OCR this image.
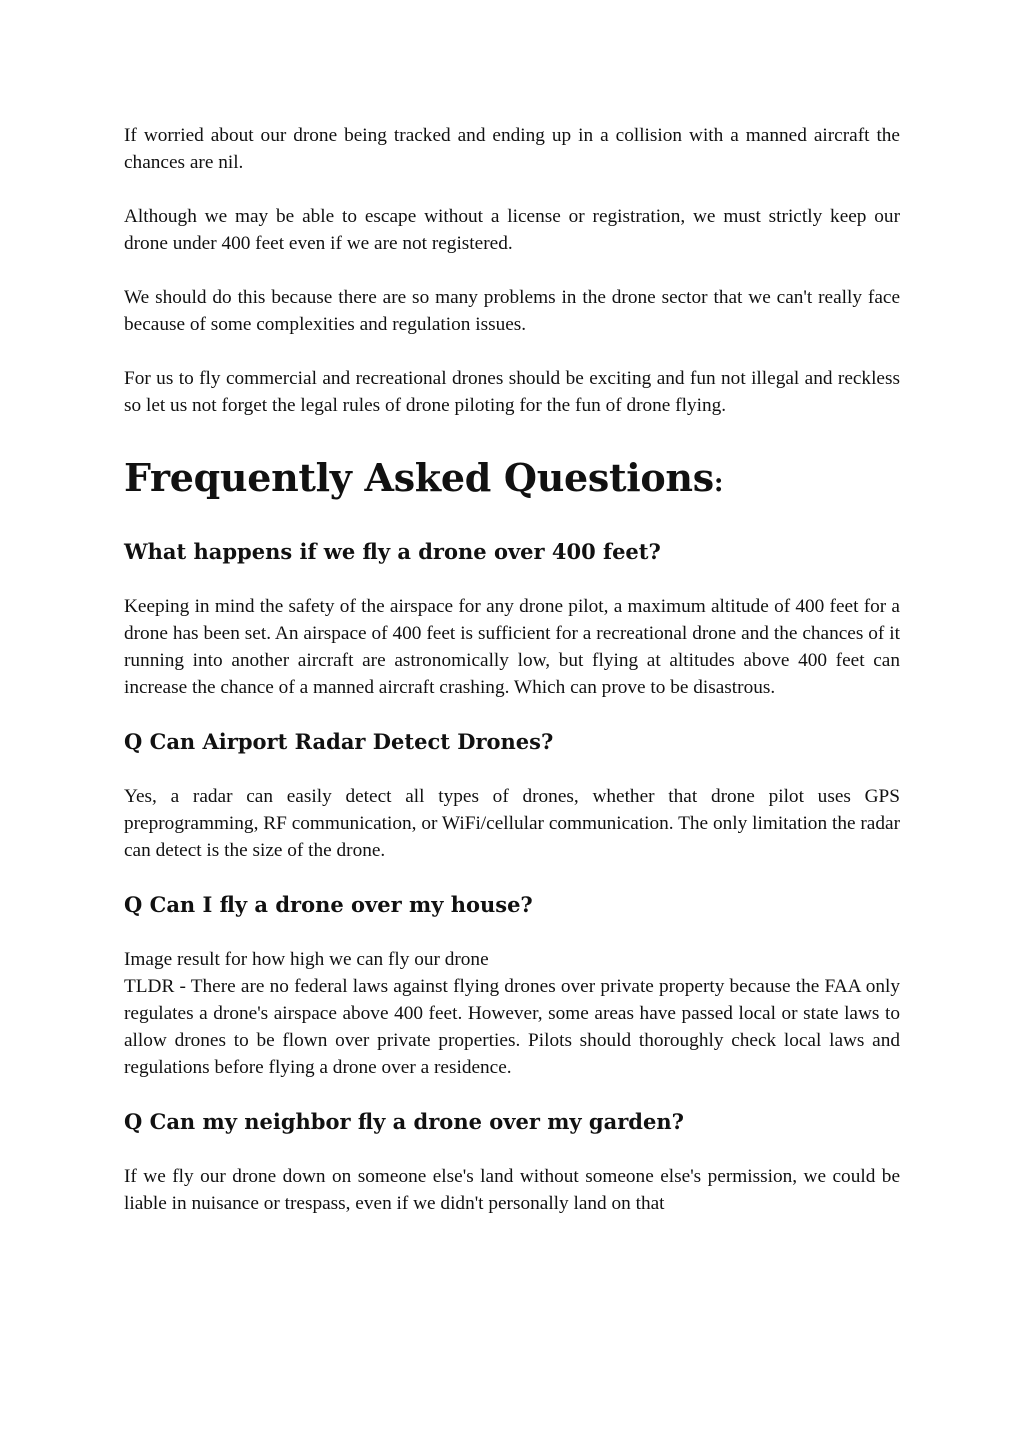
If worried about our drone being tracked and ending up in a collision with a manned aircraft the chances are nil.

Although we may be able to escape without a license or registration, we must strictly keep our drone under 400 feet even if we are not registered.

We should do this because there are so many problems in the drone sector that we can't really face because of some complexities and regulation issues.

For us to fly commercial and recreational drones should be exciting and fun not illegal and reckless so let us not forget the legal rules of drone piloting for the fun of drone flying.

Frequently Asked Questions:
What happens if we fly a drone over 400 feet?

Keeping in mind the safety of the airspace for any drone pilot, a maximum altitude of 400 feet for a drone has been set. An airspace of 400 feet is sufficient for a recreational drone and the chances of it running into another aircraft are astronomically low, but flying at altitudes above 400 feet can increase the chance of a manned aircraft crashing. Which can prove to be disastrous.

Q Can Airport Radar Detect Drones?

Yes, a radar can easily detect all types of drones, whether that drone pilot uses GPS preprogramming, RF communication, or WiFi/cellular communication. The only limitation the radar can detect is the size of the drone.

Q Can I fly a drone over my house?

Image result for how high we can fly our drone

TLDR - There are no federal laws against flying drones over private property because the FAA only regulates a drone's airspace above 400 feet. However, some areas have passed local or state laws to allow drones to be flown over private properties. Pilots should thoroughly check local laws and regulations before flying a drone over a residence.

Q Can my neighbor fly a drone over my garden?

If we fly our drone down on someone else's land without someone else's permission, we could be liable in nuisance or trespass, even if we didn't personally land on that
